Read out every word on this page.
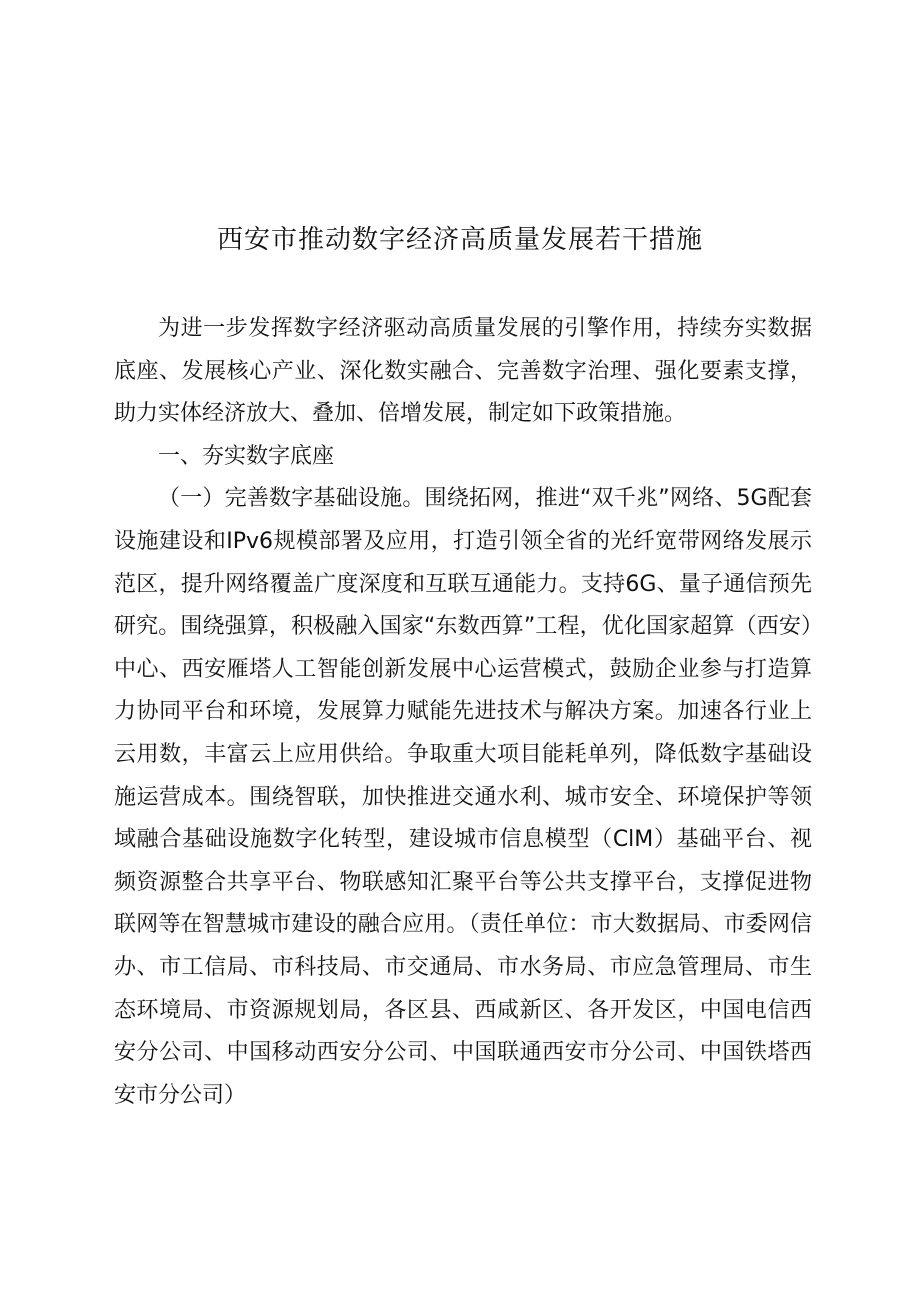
西安市推动数字经济高质量发展若干措施

为进一步发挥数字经济驱动高质量发展的引擎作用，持续夯实数据底座、发展核心产业、深化数实融合、完善数字治理、强化要素支撑，助力实体经济放大、叠加、倍增发展，制定如下政策措施。

一、夯实数字底座

（一）完善数字基础设施。围绕拓网，推进“双千兆”网络、5G配套设施建设和IPv6规模部署及应用，打造引领全省的光纤宽带网络发展示范区，提升网络覆盖广度深度和互联互通能力。支持6G、量子通信预先研究。围绕强算，积极融入国家“东数西算”工程，优化国家超算（西安）中心、西安雁塔人工智能创新发展中心运营模式，鼓励企业参与打造算力协同平台和环境，发展算力赋能先进技术与解决方案。加速各行业上云用数，丰富云上应用供给。争取重大项目能耗单列，降低数字基础设施运营成本。围绕智联，加快推进交通水利、城市安全、环境保护等领域融合基础设施数字化转型，建设城市信息模型（ClM）基础平台、视频资源整合共享平台、物联感知汇聚平台等公共支撑平台，支撑促进物联网等在智慧城市建设的融合应用。（责任单位：市大数据局、市委网信办、市工信局、市科技局、市交通局、市水务局、市应急管理局、市生态环境局、市资源规划局，各区县、西咸新区、各开发区，中国电信西安分公司、中国移动西安分公司、中国联通西安市分公司、中国铁塔西安市分公司）
